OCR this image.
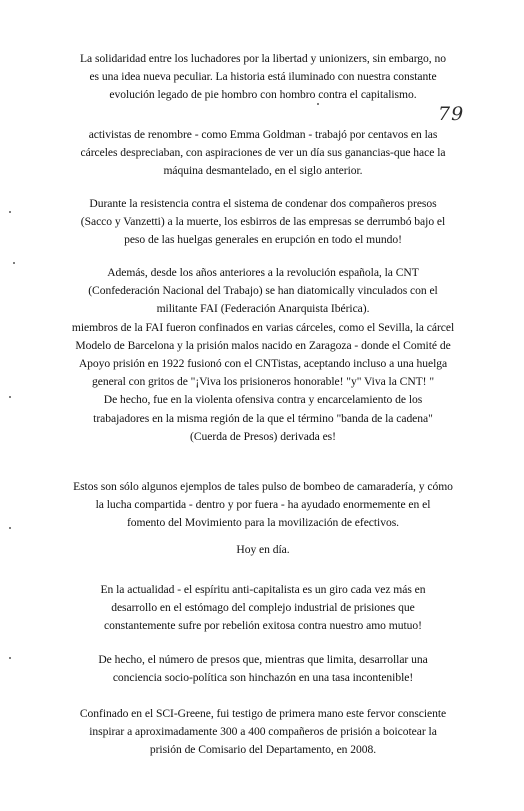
La solidaridad entre los luchadores por la libertad y unionizers, sin embargo, no
es una idea nueva peculiar. La historia está iluminado con nuestra constante
evolución legado de pie hombro con hombro contra el capitalismo.
79
activistas de renombre - como Emma Goldman - trabajó por centavos en las
cárceles despreciaban, con aspiraciones de ver un día sus ganancias-que hace la
máquina desmantelado, en el siglo anterior.
Durante la resistencia contra el sistema de condenar dos compañeros presos
(Sacco y Vanzetti) a la muerte, los esbirros de las empresas se derrumbó bajo el
peso de las huelgas generales en erupción en todo el mundo!
Además, desde los años anteriores a la revolución española, la CNT
(Confederación Nacional del Trabajo) se han diatomically vinculados con el
militante FAI (Federación Anarquista Ibérica).
miembros de la FAI fueron confinados en varias cárceles, como el Sevilla, la cárcel
Modelo de Barcelona y la prisión malos nacido en Zaragoza - donde el Comité de
Apoyo prisión en 1922 fusionó con el CNTistas, aceptando incluso a una huelga
general con gritos de "¡Viva los prisioneros honorable! "y" Viva la CNT! "
De hecho, fue en la violenta ofensiva contra y encarcelamiento de los
trabajadores en la misma región de la que el término "banda de la cadena"
(Cuerda de Presos) derivada es!
Estos son sólo algunos ejemplos de tales pulso de bombeo de camaradería, y cómo
la lucha compartida - dentro y por fuera - ha ayudado enormemente en el
fomento del Movimiento para la movilización de efectivos.
Hoy en día.
En la actualidad - el espíritu anti-capitalista es un giro cada vez más en
desarrollo en el estómago del complejo industrial de prisiones que
constantemente sufre por rebelión exitosa contra nuestro amo mutuo!
De hecho, el número de presos que, mientras que limita, desarrollar una
conciencia socio-política son hinchazón en una tasa incontenible!
Confinado en el SCI-Greene, fui testigo de primera mano este fervor consciente
inspirar a aproximadamente 300 a 400 compañeros de prisión a boicotear la
prisión de Comisario del Departamento, en 2008.
